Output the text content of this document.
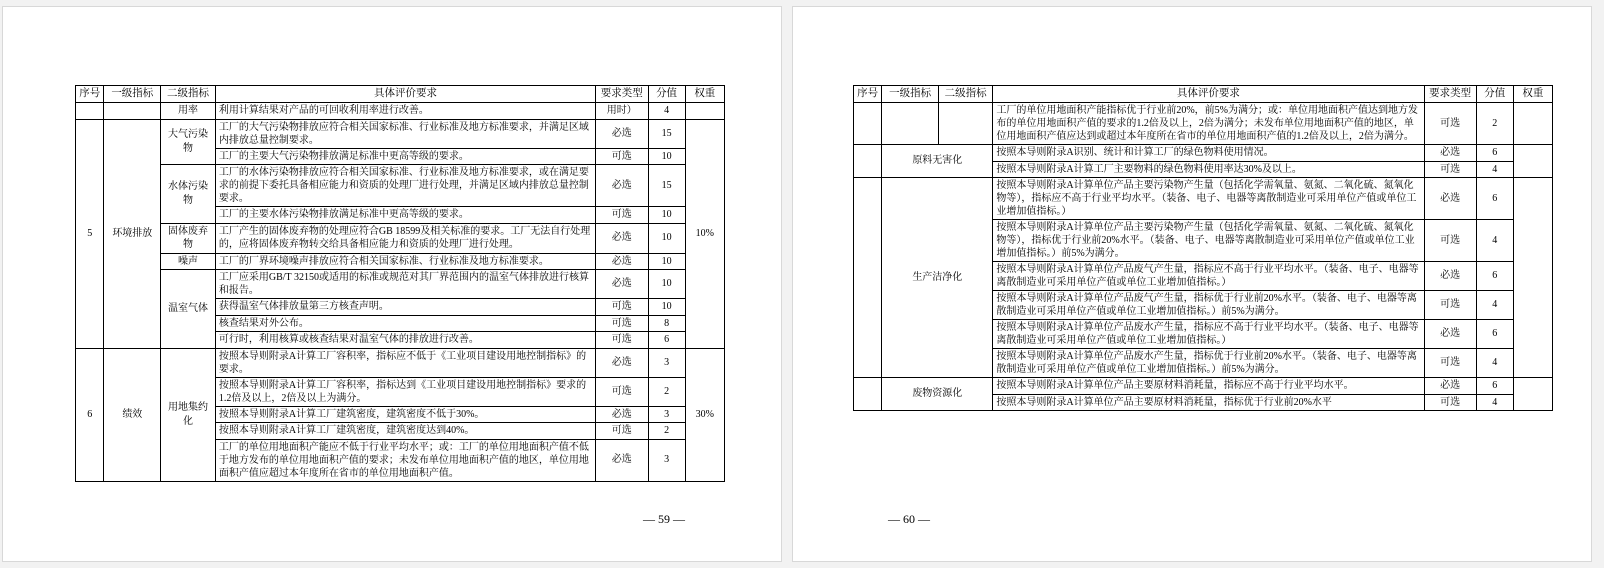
序号	一级指标	二级指标	具体评价要求	要求类型	分值	权重
		用率	利用计算结果对产品的可回收利用率进行改善。	用时）	4	
5	环境排放	大气污染物	工厂的大气污染物排放应符合相关国家标准、行业标准及地方标准要求，并满足区域内排放总量控制要求。	必选	15	10%
			工厂的主要大气污染物排放满足标准中更高等级的要求。	可选	10	
		水体污染物	工厂的水体污染物排放应符合相关国家标准、行业标准及地方标准要求，或在满足要求的前提下委托具备相应能力和资质的处理厂进行处理，并满足区域内排放总量控制要求。	必选	15	
			工厂的主要水体污染物排放满足标准中更高等级的要求。	可选	10	
		固体废弃物	工厂产生的固体废弃物的处理应符合GB 18599及相关标准的要求。工厂无法自行处理的，应将固体废弃物转交给具备相应能力和资质的处理厂进行处理。	必选	10	
		噪声	工厂的厂界环境噪声排放应符合相关国家标准、行业标准及地方标准要求。	必选	10	
		温室气体	工厂应采用GB/T 32150或适用的标准或规范对其厂界范围内的温室气体排放进行核算和报告。	必选	10	
			获得温室气体排放量第三方核查声明。	可选	10	
			核查结果对外公布。	可选	8	
			可行时，利用核算或核查结果对温室气体的排放进行改善。	可选	6	
6	绩效	用地集约化	按照本导则附录A计算工厂容积率，指标应不低于《工业项目建设用地控制指标》的要求。	必选	3	30%
			按照本导则附录A计算工厂容积率，指标达到《工业项目建设用地控制指标》要求的1.2倍及以上，2倍及以上为满分。	可选	2	
			按照本导则附录A计算工厂建筑密度，建筑密度不低于30%。	必选	3	
			按照本导则附录A计算工厂建筑密度，建筑密度达到40%。	可选	2	
			工厂的单位用地面积产能应不低于行业平均水平；或：工厂的单位用地面积产值不低于地方发布的单位用地面积产值的要求；未发布单位用地面积产值的地区，单位用地面积产值应超过本年度所在省市的单位用地面积产值。	必选	3	
— 59 —
序号	一级指标	二级指标	具体评价要求	要求类型	分值	权重
			工厂的单位用地面积产能指标优于行业前20%，前5%为满分；或：单位用地面积产值达到地方发布的单位用地面积产值的要求的1.2倍及以上，2倍为满分；未发布单位用地面积产值的地区，单位用地面积产值应达到或超过本年度所在省市的单位用地面积产值的1.2倍及以上，2倍为满分。	可选	2	
	原料无害化		按照本导则附录A识别、统计和计算工厂的绿色物料使用情况。	必选	6	
			按照本导则附录A计算工厂主要物料的绿色物料使用率达30%及以上。	可选	4	
	生产洁净化		按照本导则附录A计算单位产品主要污染物产生量（包括化学需氧量、氨氮、二氧化硫、氮氧化物等），指标应不高于行业平均水平。（装备、电子、电器等离散制造业可采用单位产值或单位工业增加值指标。）	必选	6	
			按照本导则附录A计算单位产品主要污染物产生量（包括化学需氧量、氨氮、二氧化硫、氮氧化物等），指标优于行业前20%水平。（装备、电子、电器等离散制造业可采用单位产值或单位工业增加值指标。）前5%为满分。	可选	4	
			按照本导则附录A计算单位产品废气产生量，指标应不高于行业平均水平。（装备、电子、电器等离散制造业可采用单位产值或单位工业增加值指标。）	必选	6	
			按照本导则附录A计算单位产品废气产生量，指标优于行业前20%水平。（装备、电子、电器等离散制造业可采用单位产值或单位工业增加值指标。）前5%为满分。	可选	4	
			按照本导则附录A计算单位产品废水产生量，指标应不高于行业平均水平。（装备、电子、电器等离散制造业可采用单位产值或单位工业增加值指标。）	必选	6	
			按照本导则附录A计算单位产品废水产生量，指标优于行业前20%水平。（装备、电子、电器等离散制造业可采用单位产值或单位工业增加值指标。）前5%为满分。	可选	4	
	废物资源化		按照本导则附录A计算单位产品主要原材料消耗量，指标应不高于行业平均水平。	必选	6	
			按照本导则附录A计算单位产品主要原材料消耗量，指标优于行业前20%水平	可选	4	
— 60 —
